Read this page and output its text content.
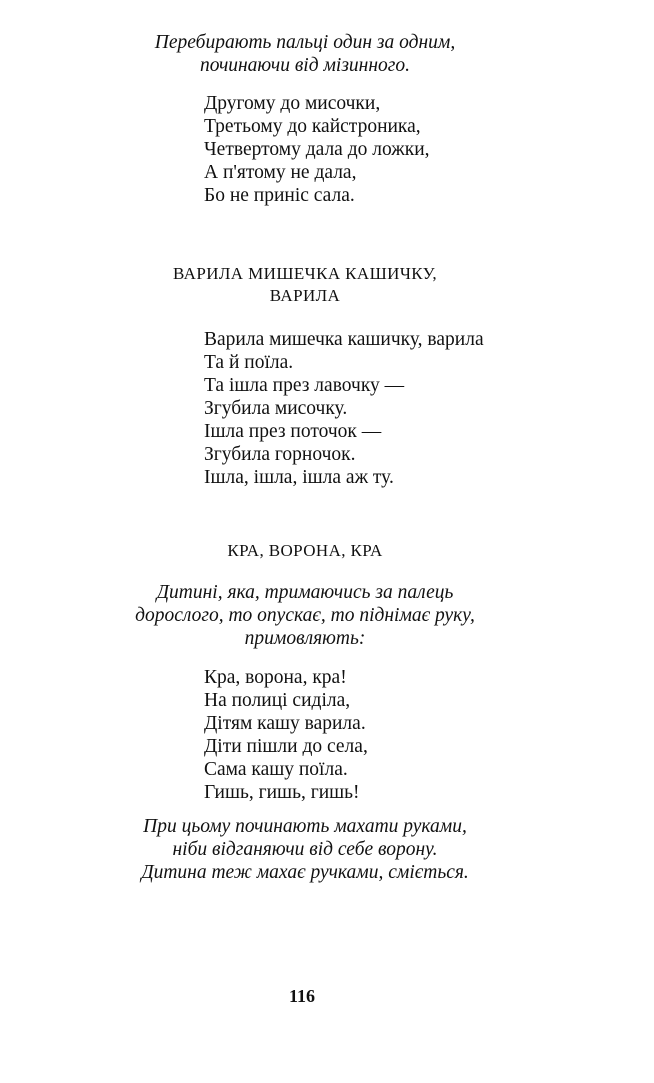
Перебирають пальці один за одним,
починаючи від мізинного.
Другому до мисочки,
Третьому до кайстроника,
Четвертому дала до ложки,
А п'ятому не дала,
Бо не приніс сала.
ВАРИЛА МИШЕЧКА КАШИЧКУ,
ВАРИЛА
Варила мишечка кашичку, варила
Та й поїла.
Та ішла през лавочку —
Згубила мисочку.
Ішла през поточок —
Згубила горночок.
Ішла, ішла, ішла аж ту.
КРА, ВОРОНА, КРА
Дитині, яка, тримаючись за палець
дорослого, то опускає, то піднімає руку,
примовляють:
Кра, ворона, кра!
На полиці сиділа,
Дітям кашу варила.
Діти пішли до села,
Сама кашу поїла.
Гишь, гишь, гишь!
При цьому починають махати руками,
ніби відганяючи від себе ворону.
Дитина теж махає ручками, сміється.
116
